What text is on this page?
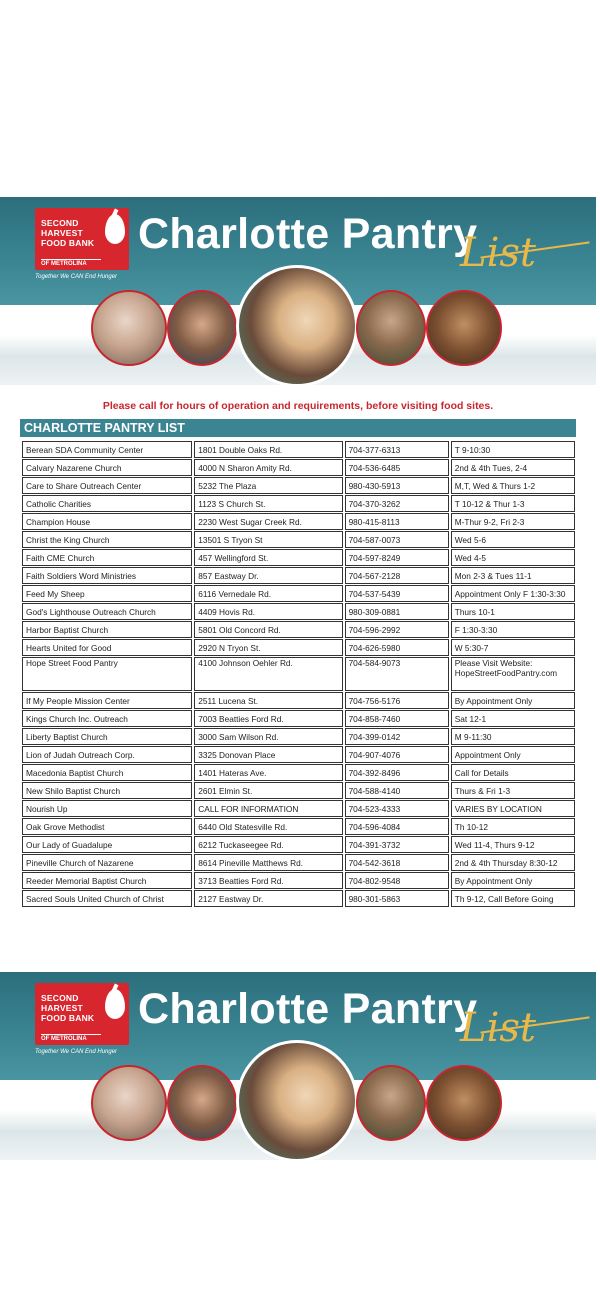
SECOND
HARVEST
FOOD BANK
OF METROLINA
Together We CAN End Hunger
Charlotte Pantry
List
Please call for hours of operation and requirements, before visiting food sites.
CHARLOTTE PANTRY LIST
Berean SDA Community Center	1801 Double Oaks Rd.	704-377-6313	T 9-10:30
Calvary Nazarene Church	4000 N Sharon Amity Rd.	704-536-6485	2nd & 4th Tues, 2-4
Care to Share Outreach Center	5232 The Plaza	980-430-5913	M,T, Wed & Thurs 1-2
Catholic Charities	1123 S Church St.	704-370-3262	T 10-12 & Thur 1-3
Champion House	2230 West Sugar Creek Rd.	980-415-8113	M-Thur 9-2, Fri 2-3
Christ the King Church	13501 S Tryon St	704-587-0073	Wed 5-6
Faith CME Church	457 Wellingford St.	704-597-8249	Wed 4-5
Faith Soldiers Word Ministries	857 Eastway Dr.	704-567-2128	Mon 2-3 & Tues 11-1
Feed My Sheep	6116 Vernedale Rd.	704-537-5439	Appointment Only F 1:30-3:30
God's Lighthouse Outreach Church	4409 Hovis Rd.	980-309-0881	Thurs 10-1
Harbor Baptist Church	5801 Old Concord Rd.	704-596-2992	F 1:30-3:30
Hearts United for Good	2920 N Tryon St.	704-626-5980	W 5:30-7
Hope Street Food Pantry	4100 Johnson Oehler Rd.	704-584-9073	Please Visit Website: HopeStreetFoodPantry.com
If My People Mission Center	2511 Lucena St.	704-756-5176	By Appointment Only
Kings Church Inc. Outreach	7003 Beatties Ford Rd.	704-858-7460	Sat 12-1
Liberty Baptist Church	3000 Sam Wilson Rd.	704-399-0142	M 9-11:30
Lion of Judah Outreach Corp.	3325 Donovan Place	704-907-4076	Appointment Only
Macedonia Baptist Church	1401 Hateras Ave.	704-392-8496	Call for Details
New Shilo Baptist Church	2601 Elmin St.	704-588-4140	Thurs & Fri 1-3
Nourish Up	CALL FOR INFORMATION	704-523-4333	VARIES BY LOCATION
Oak Grove Methodist	6440 Old Statesville Rd.	704-596-4084	Th 10-12
Our Lady of Guadalupe	6212 Tuckaseegee Rd.	704-391-3732	Wed 11-4, Thurs 9-12
Pineville Church of Nazarene	8614 Pineville Matthews Rd.	704-542-3618	2nd & 4th Thursday 8:30-12
Reeder Memorial Baptist Church	3713 Beatties Ford Rd.	704-802-9548	By Appointment Only
Sacred Souls United Church of Christ	2127 Eastway Dr.	980-301-5863	Th 9-12, Call Before Going
SECOND
HARVEST
FOOD BANK
OF METROLINA
Together We CAN End Hunger
Charlotte Pantry
List
